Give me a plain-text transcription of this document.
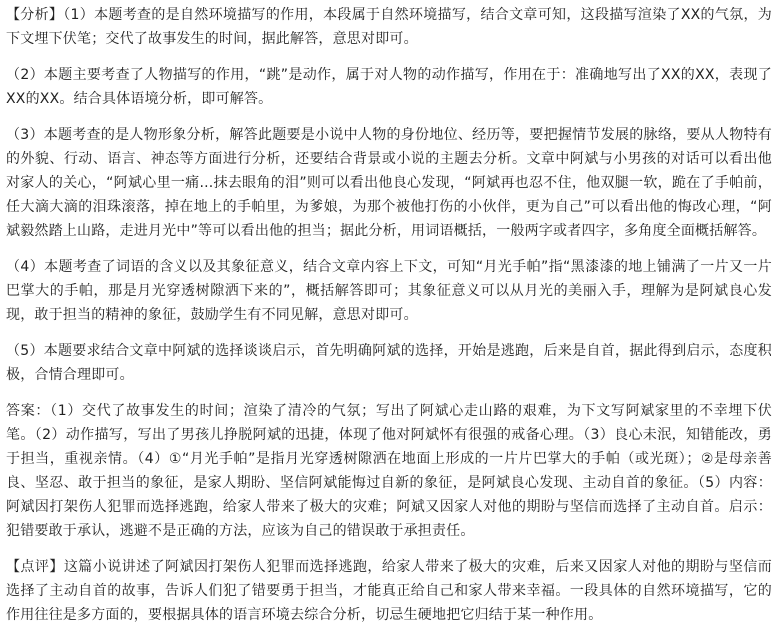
【分析】（1）本题考查的是自然环境描写的作用，本段属于自然环境描写，结合文章可知，这段描写渲染了XX的气氛，为下文埋下伏笔；交代了故事发生的时间，据此解答，意思对即可。

（2）本题主要考查了人物描写的作用，“跳”是动作，属于对人物的动作描写，作用在于：准确地写出了XX的XX，表现了XX的XX。结合具体语境分析，即可解答。

（3）本题考查的是人物形象分析，解答此题要是小说中人物的身份地位、经历等，要把握情节发展的脉络，要从人物特有的外貌、行动、语言、神态等方面进行分析，还要结合背景或小说的主题去分析。文章中阿斌与小男孩的对话可以看出他对家人的关心，“阿斌心里一痛...抹去眼角的泪”则可以看出他良心发现，“阿斌再也忍不住，他双腿一软，跪在了手帕前，任大滴大滴的泪珠滚落，掉在地上的手帕里，为爹娘，为那个被他打伤的小伙伴，更为自己”可以看出他的悔改心理，“阿斌毅然踏上山路，走进月光中”等可以看出他的担当；据此分析，用词语概括，一般两字或者四字，多角度全面概括解答。

（4）本题考查了词语的含义以及其象征意义，结合文章内容上下文，可知“月光手帕”指“黑漆漆的地上铺满了一片又一片巴掌大的手帕，那是月光穿透树隙洒下来的”，概括解答即可；其象征意义可以从月光的美丽入手，理解为是阿斌良心发现，敢于担当的精神的象征，鼓励学生有不同见解，意思对即可。

（5）本题要求结合文章中阿斌的选择谈谈启示，首先明确阿斌的选择，开始是逃跑，后来是自首，据此得到启示，态度积极，合情合理即可。

答案：（1）交代了故事发生的时间；渲染了清冷的气氛；写出了阿斌心走山路的艰难，为下文写阿斌家里的不幸埋下伏笔。（2）动作描写，写出了男孩儿挣脱阿斌的迅捷，体现了他对阿斌怀有很强的戒备心理。（3）良心未泯，知错能改，勇于担当，重视亲情。（4）①“月光手帕”是指月光穿透树隙洒在地面上形成的一片片巴掌大的手帕（或光斑）；②是母亲善良、坚忍、敢于担当的象征，是家人期盼、坚信阿斌能悔过自新的象征，是阿斌良心发现、主动自首的象征。（5）内容：阿斌因打架伤人犯罪而选择逃跑，给家人带来了极大的灾难；阿斌又因家人对他的期盼与坚信而选择了主动自首。启示：犯错要敢于承认，逃避不是正确的方法，应该为自己的错误敢于承担责任。

【点评】这篇小说讲述了阿斌因打架伤人犯罪而选择逃跑，给家人带来了极大的灾难，后来又因家人对他的期盼与坚信而选择了主动自首的故事，告诉人们犯了错要勇于担当，才能真正给自己和家人带来幸福。一段具体的自然环境描写，它的作用往往是多方面的，要根据具体的语言环境去综合分析，切忌生硬地把它归结于某一种作用。
